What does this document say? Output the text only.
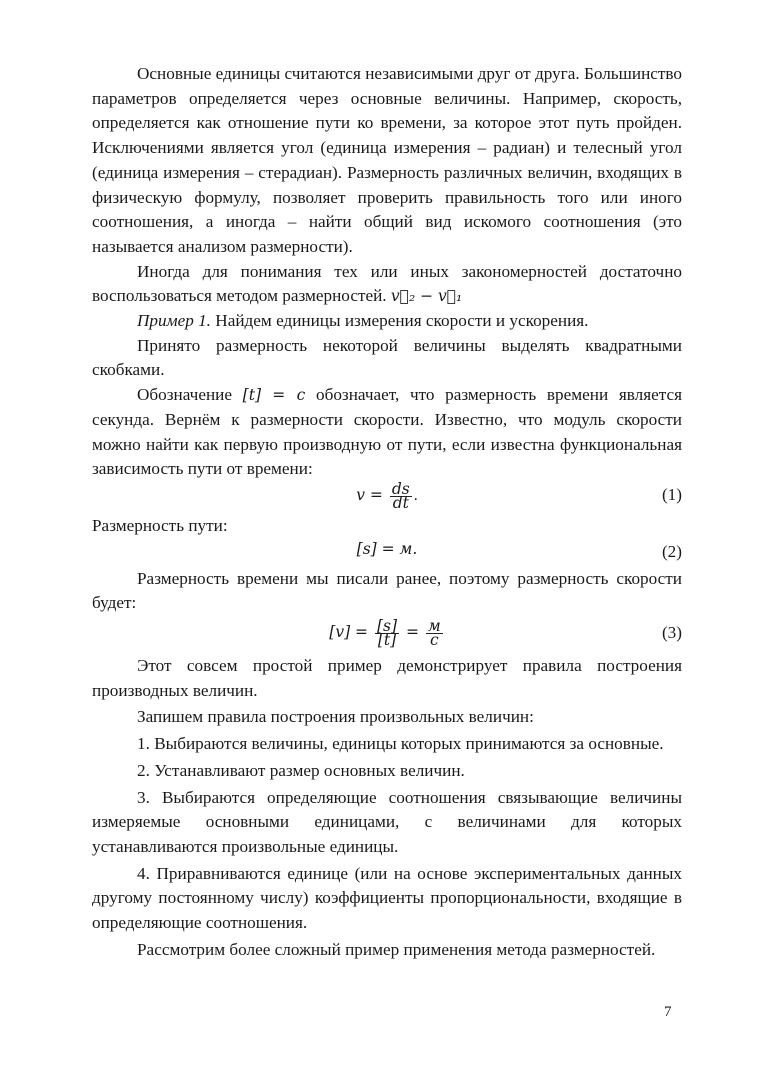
Основные единицы считаются независимыми друг от друга. Большинство параметров определяется через основные величины. Например, скорость, определяется как отношение пути ко времени, за которое этот путь пройден. Исключениями является угол (единица измерения – радиан) и телесный угол (единица измерения – стерадиан). Размерность различных величин, входящих в физическую формулу, позволяет проверить правильность того или иного соотношения, а иногда – найти общий вид искомого соотношения (это называется анализом размерности).

Иногда для понимания тех или иных закономерностей достаточно воспользоваться методом размерностей. v⃗₂ − v⃗₁

Пример 1. Найдем единицы измерения скорости и ускорения.

Принято размерность некоторой величины выделять квадратными скобками.

Обозначение [t] = с обозначает, что размерность времени является секунда. Вернём к размерности скорости. Известно, что модуль скорости можно найти как первую производную от пути, если известна функциональная зависимость пути от времени:

$v = \frac{ds}{dt}$ .	(1)

Размерность пути:

[s] = м.	(2)

Размерность времени мы писали ранее, поэтому размерность скорости будет:

$[v] = \frac{[s]}{[t]} = \frac{м}{с}$	(3)

Этот совсем простой пример демонстрирует правила построения производных величин.

Запишем правила построения произвольных величин:

1. Выбираются величины, единицы которых принимаются за основные.

2. Устанавливают размер основных величин.

3. Выбираются определяющие соотношения связывающие величины измеряемые основными единицами, с величинами для которых устанавливаются произвольные единицы.

4. Приравниваются единице (или на основе экспериментальных данных другому постоянному числу) коэффициенты пропорциональности, входящие в определяющие соотношения.

Рассмотрим более сложный пример применения метода размерностей.

7
